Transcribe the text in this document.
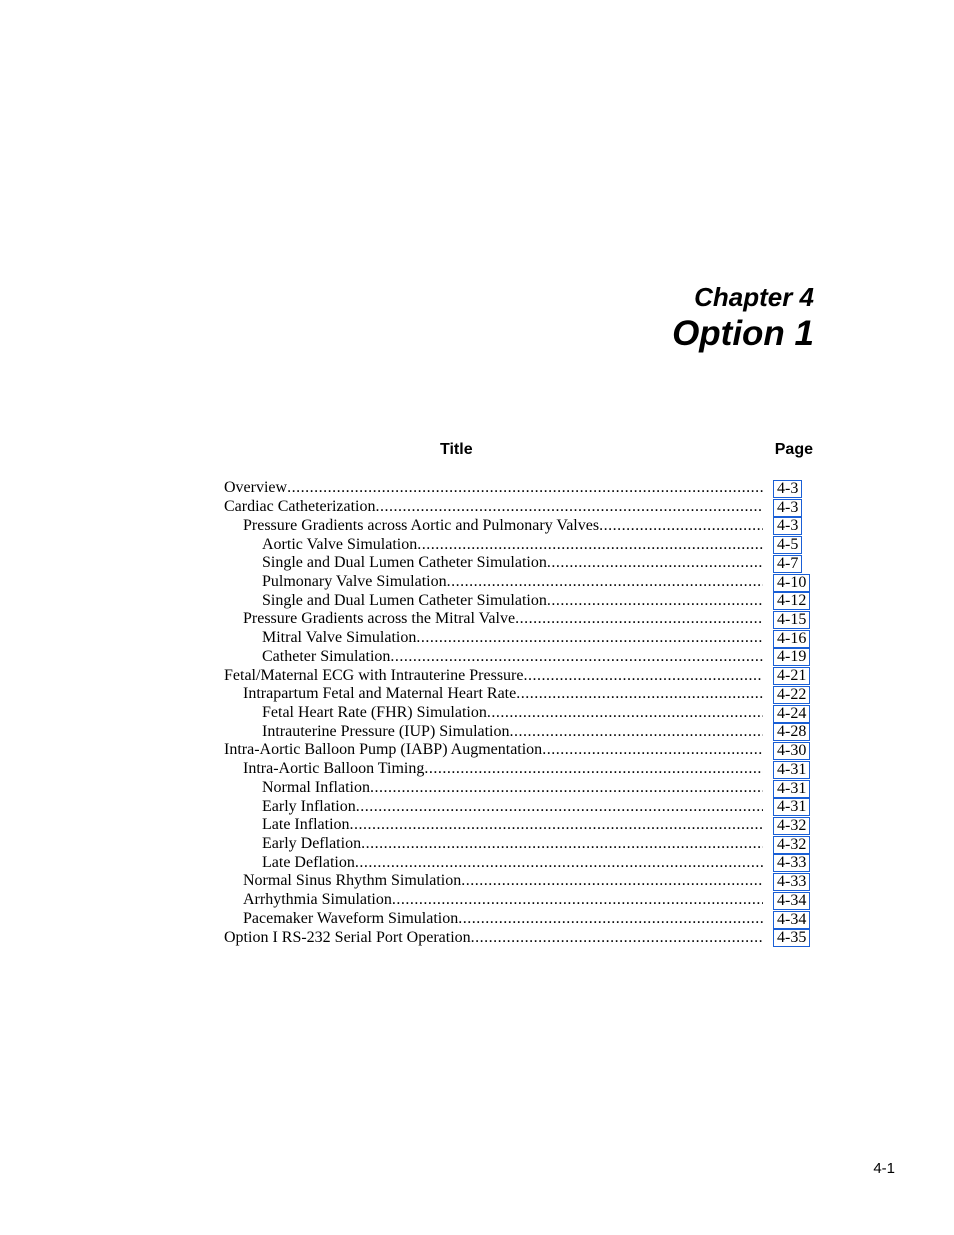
Chapter 4
Option 1
Title	Page
Overview .....	4-3
Cardiac Catheterization .....	4-3
Pressure Gradients across Aortic and Pulmonary Valves .....	4-3
Aortic Valve Simulation .....	4-5
Single and Dual Lumen Catheter Simulation .....	4-7
Pulmonary Valve Simulation .....	4-10
Single and Dual Lumen Catheter Simulation .....	4-12
Pressure Gradients across the Mitral Valve .....	4-15
Mitral Valve Simulation .....	4-16
Catheter Simulation .....	4-19
Fetal/Maternal ECG with Intrauterine Pressure .....	4-21
Intrapartum Fetal and Maternal Heart Rate .....	4-22
Fetal Heart Rate (FHR) Simulation .....	4-24
Intrauterine Pressure (IUP) Simulation .....	4-28
Intra-Aortic Balloon Pump (IABP) Augmentation .....	4-30
Intra-Aortic Balloon Timing .....	4-31
Normal Inflation .....	4-31
Early Inflation .....	4-31
Late Inflation .....	4-32
Early Deflation .....	4-32
Late Deflation .....	4-33
Normal Sinus Rhythm Simulation .....	4-33
Arrhythmia Simulation .....	4-34
Pacemaker Waveform Simulation .....	4-34
Option I RS-232 Serial Port Operation .....	4-35
4-1
